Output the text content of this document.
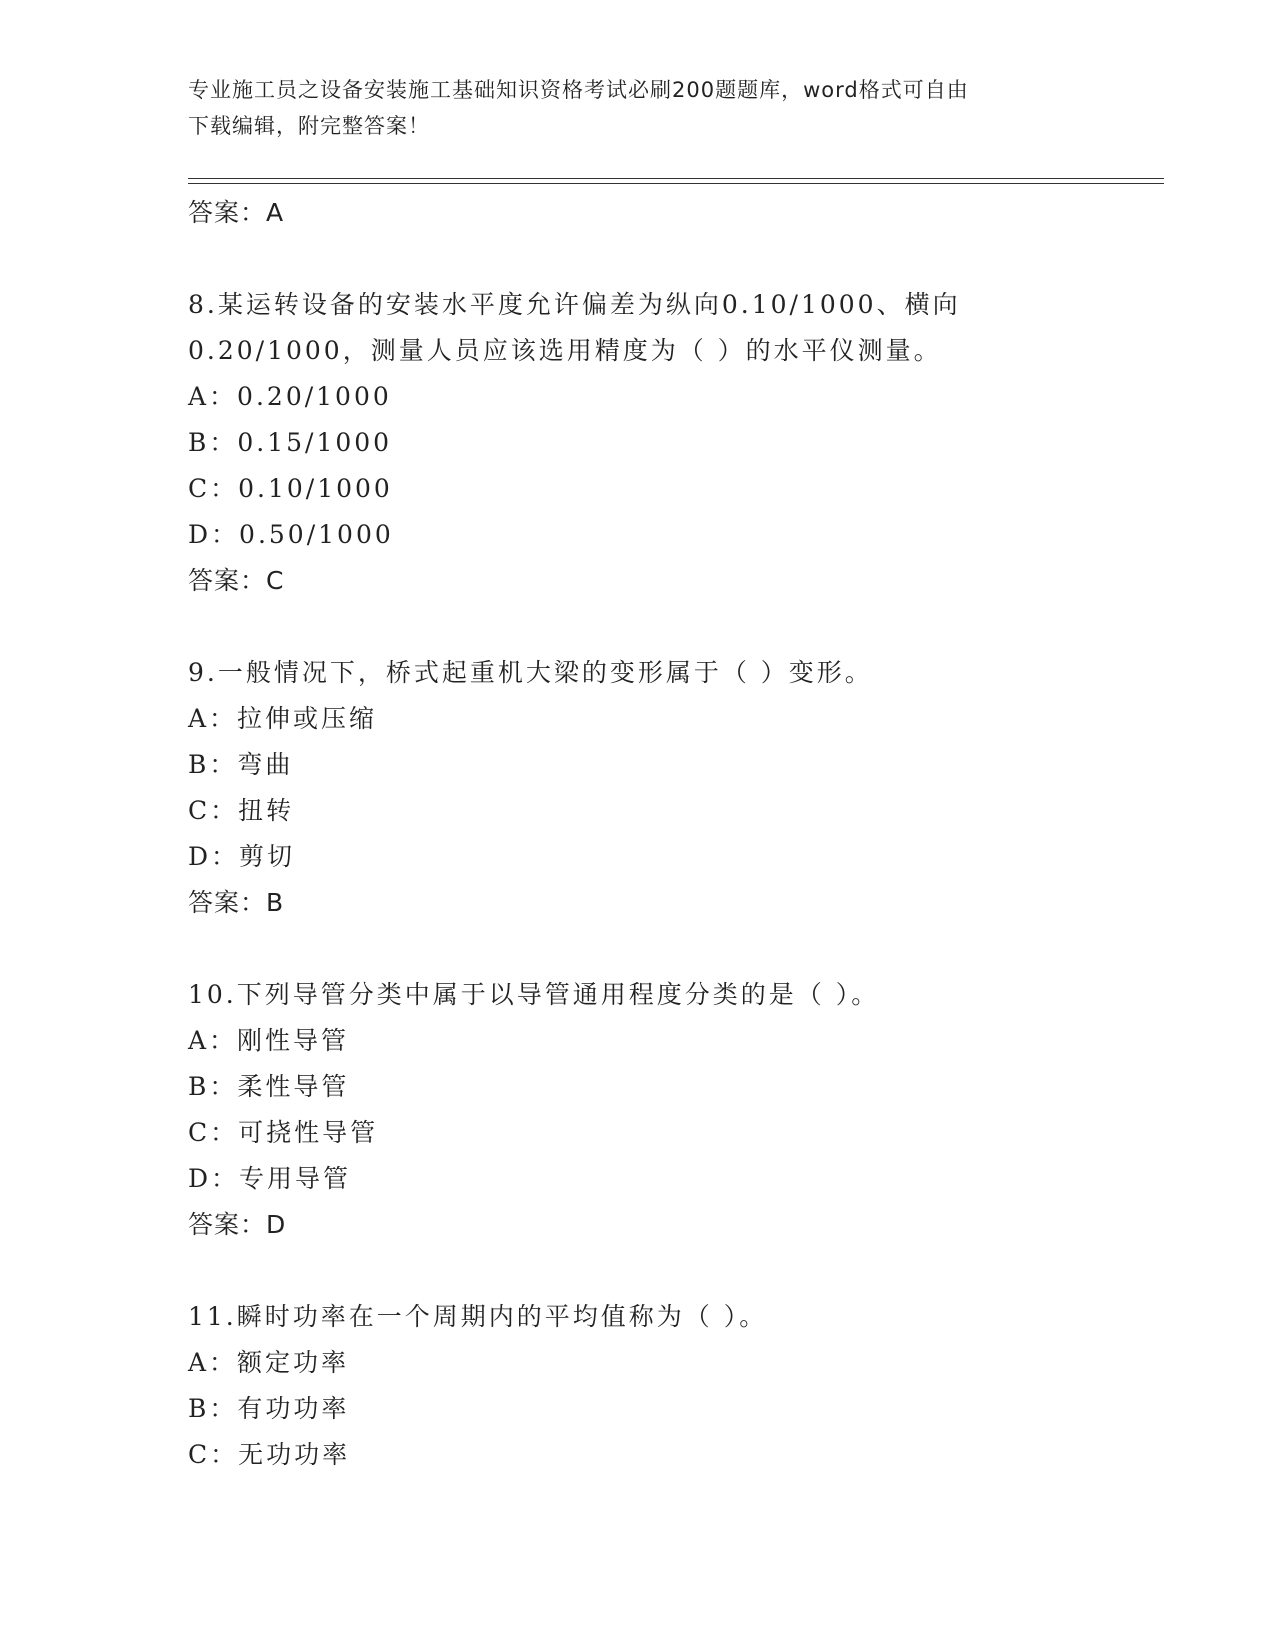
专业施工员之设备安装施工基础知识资格考试必刷200题题库，word格式可自由
下载编辑，附完整答案！
答案：A
8.某运转设备的安装水平度允许偏差为纵向0.10/1000、横向
0.20/1000，测量人员应该选用精度为（ ）的水平仪测量。
A：0.20/1000
B：0.15/1000
C：0.10/1000
D：0.50/1000
答案：C
9.一般情况下，桥式起重机大梁的变形属于（ ）变形。
A：拉伸或压缩
B：弯曲
C：扭转
D：剪切
答案：B
10.下列导管分类中属于以导管通用程度分类的是（ ）。
A：刚性导管
B：柔性导管
C：可挠性导管
D：专用导管
答案：D
11.瞬时功率在一个周期内的平均值称为（ ）。
A：额定功率
B：有功功率
C：无功功率
